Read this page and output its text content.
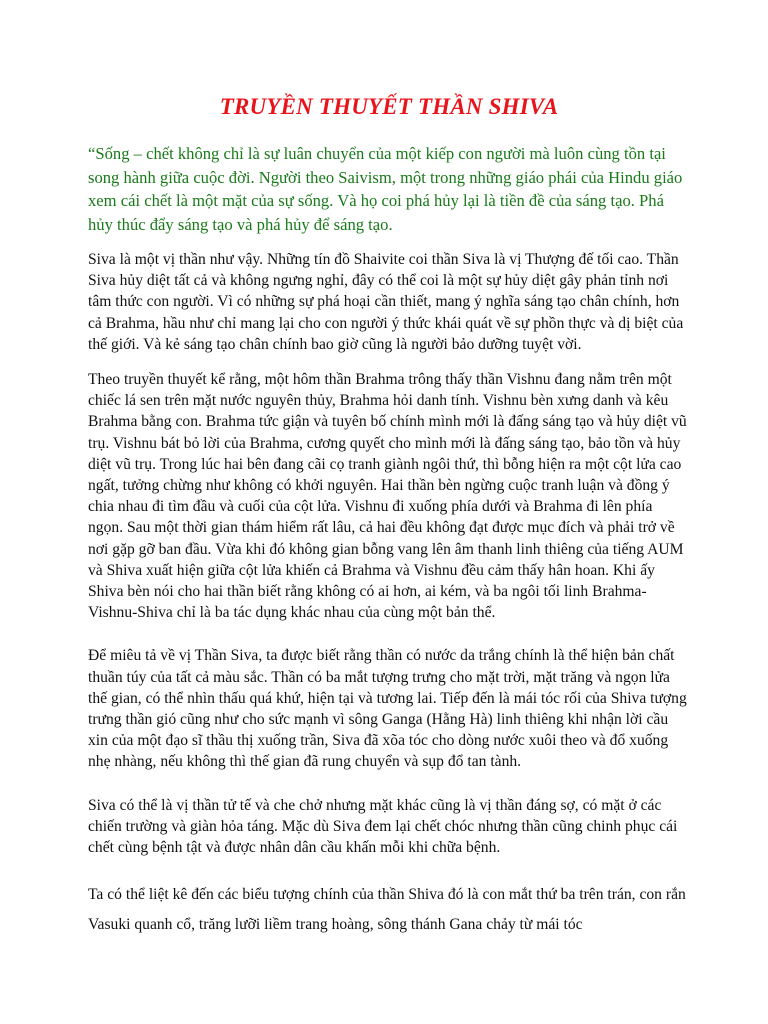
TRUYỀN THUYẾT THẦN SHIVA

“Sống – chết không chỉ là sự luân chuyển của một kiếp con người mà luôn cùng tồn tại song hành giữa cuộc đời. Người theo Saivism, một trong những giáo phái của Hindu giáo xem cái chết là một mặt của sự sống. Và họ coi phá hủy lại là tiền đề của sáng tạo. Phá hủy thúc đẩy sáng tạo và phá hủy để sáng tạo.

Siva là một vị thần như vậy. Những tín đồ Shaivite coi thần Siva là vị Thượng đế tối cao. Thần Siva hủy diệt tất cả và không ngưng nghỉ, đây có thể coi là một sự hủy diệt gây phản tỉnh nơi tâm thức con người. Vì có những sự phá hoại cần thiết, mang ý nghĩa sáng tạo chân chính, hơn cả Brahma, hầu như chỉ mang lại cho con người ý thức khái quát về sự phồn thực và dị biệt của thế giới. Và kẻ sáng tạo chân chính bao giờ cũng là người bảo dưỡng tuyệt vời.

Theo truyền thuyết kể rằng, một hôm thần Brahma trông thấy thần Vishnu đang nằm trên một chiếc lá sen trên mặt nước nguyên thủy, Brahma hỏi danh tính. Vishnu bèn xưng danh và kêu Brahma bằng con. Brahma tức giận và tuyên bố chính mình mới là đấng sáng tạo và hủy diệt vũ trụ. Vishnu bát bỏ lời của Brahma, cương quyết cho mình mới là đấng sáng tạo, bảo tồn và hủy diệt vũ trụ. Trong lúc hai bên đang cãi cọ tranh giành ngôi thứ, thì bỗng hiện ra một cột lửa cao ngất, tưởng chừng như không có khởi nguyên. Hai thần bèn ngừng cuộc tranh luận và đồng ý chia nhau đi tìm đầu và cuối của cột lửa. Vishnu đi xuống phía dưới và Brahma đi lên phía ngọn. Sau một thời gian thám hiểm rất lâu, cả hai đều không đạt được mục đích và phải trở về nơi gặp gỡ ban đầu. Vừa khi đó không gian bỗng vang lên âm thanh linh thiêng của tiếng AUM và Shiva xuất hiện giữa cột lửa khiến cả Brahma và Vishnu đều cảm thấy hân hoan. Khi ấy Shiva bèn nói cho hai thần biết rằng không có ai hơn, ai kém, và ba ngôi tối linh Brahma-Vishnu-Shiva chỉ là ba tác dụng khác nhau của cùng một bản thể.

Để miêu tả về vị Thần Siva, ta được biết rằng thần có nước da trắng chính là thể hiện bản chất thuần túy của tất cả màu sắc. Thần có ba mắt tượng trưng cho mặt trời, mặt trăng và ngọn lửa thế gian, có thể nhìn thấu quá khứ, hiện tại và tương lai. Tiếp đến là mái tóc rối của Shiva tượng trưng thần gió cũng như cho sức mạnh vì sông Ganga (Hằng Hà) linh thiêng khi nhận lời cầu xin của một đạo sĩ thầu thị xuống trần, Siva đã xõa tóc cho dòng nước xuôi theo và đổ xuống nhẹ nhàng, nếu không thì thế gian đã rung chuyển và sụp đổ tan tành.

Siva có thể là vị thần tử tế và che chở nhưng mặt khác cũng là vị thần đáng sợ, có mặt ở các chiến trường và giàn hỏa táng. Mặc dù Siva đem lại chết chóc nhưng thần cũng chinh phục cái chết cùng bệnh tật và được nhân dân cầu khấn mỗi khi chữa bệnh.

Ta có thể liệt kê đến các biểu tượng chính của thần Shiva đó là con mắt thứ ba trên trán, con rắn Vasuki quanh cổ, trăng lưỡi liềm trang hoàng, sông thánh Gana chảy từ mái tóc
